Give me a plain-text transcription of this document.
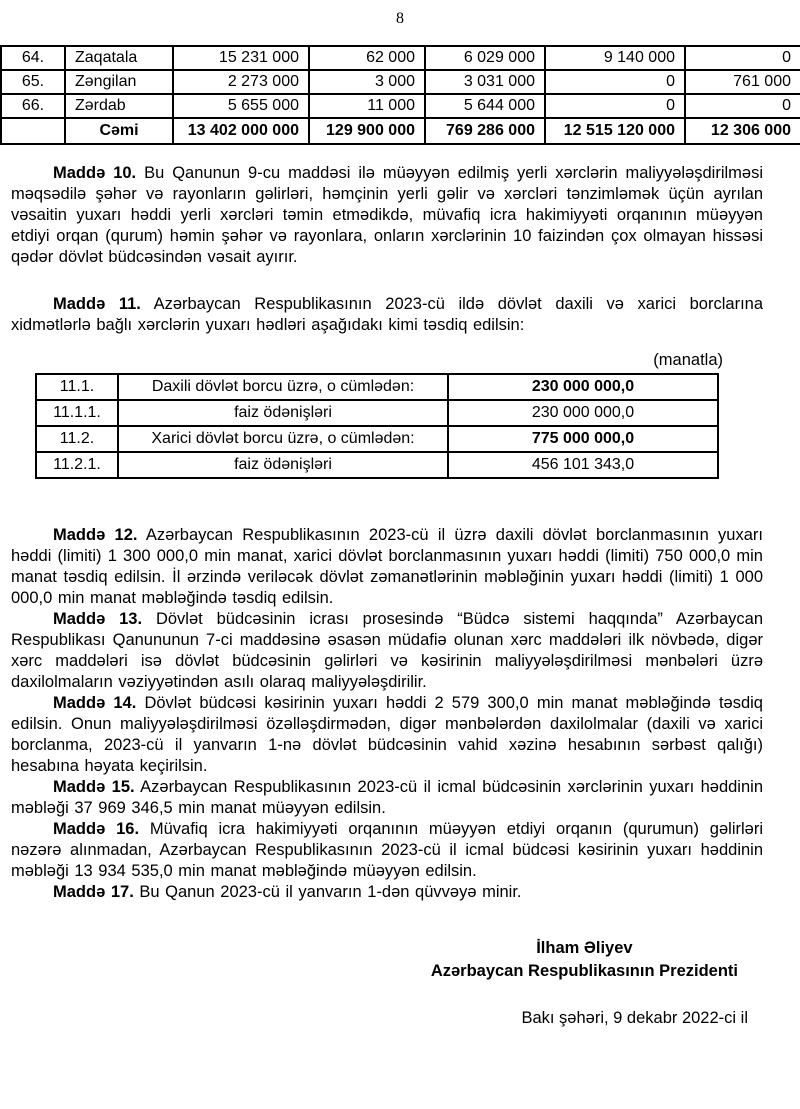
8
64.	Zaqatala	15 231 000	62 000	6 029 000	9 140 000	0
65.	Zəngilan	2 273 000	3 000	3 031 000	0	761 000
66.	Zərdab	5 655 000	11 000	5 644 000	0	0
	Cəmi	13 402 000 000	129 900 000	769 286 000	12 515 120 000	12 306 000

Maddə 10. Bu Qanunun 9-cu maddəsi ilə müəyyən edilmiş yerli xərclərin maliyyələşdirilməsi məqsədilə şəhər və rayonların gəlirləri, həmçinin yerli gəlir və xərcləri tənzimləmək üçün ayrılan vəsaitin yuxarı həddi yerli xərcləri təmin etmədikdə, müvafiq icra hakimiyyəti orqanının müəyyən etdiyi orqan (qurum) həmin şəhər və rayonlara, onların xərclərinin 10 faizindən çox olmayan hissəsi qədər dövlət büdcəsindən vəsait ayırır.

Maddə 11. Azərbaycan Respublikasının 2023-cü ildə dövlət daxili və xarici borclarına xidmətlərlə bağlı xərclərin yuxarı hədləri aşağıdakı kimi təsdiq edilsin:

(manatla)
11.1.	Daxili dövlət borcu üzrə, o cümlədən:	230 000 000,0
11.1.1.	faiz ödənişləri	230 000 000,0
11.2.	Xarici dövlət borcu üzrə, o cümlədən:	775 000 000,0
11.2.1.	faiz ödənişləri	456 101 343,0

Maddə 12. Azərbaycan Respublikasının 2023-cü il üzrə daxili dövlət borclanmasının yuxarı həddi (limiti) 1 300 000,0 min manat, xarici dövlət borclanmasının yuxarı həddi (limiti) 750 000,0 min manat təsdiq edilsin. İl ərzində veriləcək dövlət zəmanətlərinin məbləğinin yuxarı həddi (limiti) 1 000 000,0 min manat məbləğində təsdiq edilsin.

Maddə 13. Dövlət büdcəsinin icrası prosesində “Büdcə sistemi haqqında” Azərbaycan Respublikası Qanununun 7-ci maddəsinə əsasən müdafiə olunan xərc maddələri ilk növbədə, digər xərc maddələri isə dövlət büdcəsinin gəlirləri və kəsirinin maliyyələşdirilməsi mənbələri üzrə daxilolmaların vəziyyətindən asılı olaraq maliyyələşdirilir.

Maddə 14. Dövlət büdcəsi kəsirinin yuxarı həddi 2 579 300,0 min manat məbləğində təsdiq edilsin. Onun maliyyələşdirilməsi özəlləşdirmədən, digər mənbələrdən daxilolmalar (daxili və xarici borclanma, 2023-cü il yanvarın 1-nə dövlət büdcəsinin vahid xəzinə hesabının sərbəst qalığı) hesabına həyata keçirilsin.

Maddə 15. Azərbaycan Respublikasının 2023-cü il icmal büdcəsinin xərclərinin yuxarı həddinin məbləği 37 969 346,5 min manat müəyyən edilsin.

Maddə 16. Müvafiq icra hakimiyyəti orqanının müəyyən etdiyi orqanın (qurumun) gəlirləri nəzərə alınmadan, Azərbaycan Respublikasının 2023-cü il icmal büdcəsi kəsirinin yuxarı həddinin məbləği 13 934 535,0 min manat məbləğində müəyyən edilsin.

Maddə 17. Bu Qanun 2023-cü il yanvarın 1-dən qüvvəyə minir.

İlham Əliyev
Azərbaycan Respublikasının Prezidenti
Bakı şəhəri, 9 dekabr 2022-ci il
